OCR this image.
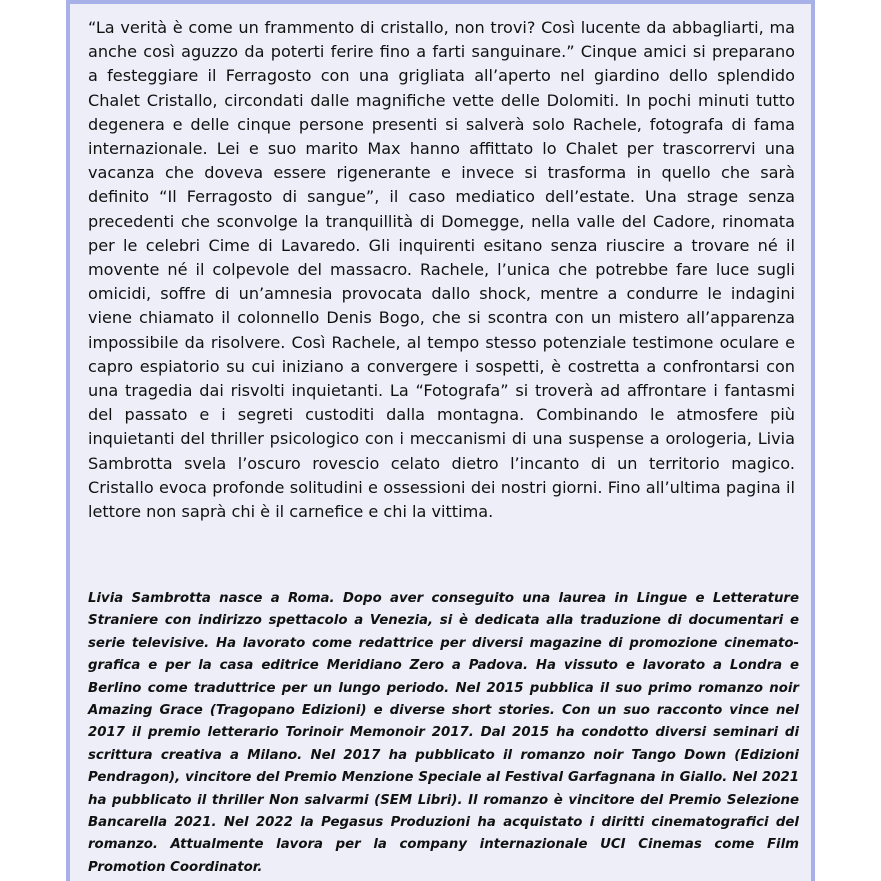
“La verità è come un frammento di cristallo, non trovi? Così lucente da abbagliarti, ma anche così aguzzo da poterti ferire fino a farti sanguinare.” Cinque amici si preparano a festeggiare il Ferragosto con una grigliata all’aperto nel giardino dello splendido Chalet Cristallo, circondati dalle magnifiche vette delle Dolomiti. In pochi minuti tutto degenera e delle cinque persone presenti si salverà solo Rachele, fotografa di fama internazionale. Lei e suo marito Max hanno affittato lo Chalet per trascorrervi una vacanza che doveva essere rigenerante e invece si trasforma in quello che sarà definito “Il Ferragosto di sangue”, il caso mediatico dell’estate. Una strage senza precedenti che sconvolge la tranquillità di Domegge, nella valle del Cadore, rinomata per le celebri Cime di Lavaredo. Gli inquirenti esitano senza riuscire a trovare né il movente né il colpevole del massacro. Rachele, l’unica che potrebbe fare luce sugli omicidi, soffre di un’amnesia provocata dallo shock, mentre a condurre le indagini viene chiamato il colonnello Denis Bogo, che si scontra con un mistero all’apparenza impossibile da risolvere. Così Rachele, al tempo stesso potenziale testimone oculare e capro espiatorio su cui iniziano a convergere i sospetti, è costretta a confrontarsi con una tragedia dai risvolti inquietanti. La “Fotografa” si troverà ad affrontare i fantasmi del passato e i segreti custoditi dalla montagna. Combinando le atmosfere più inquietanti del thriller psicologico con i meccanismi di una suspense a orologeria, Livia Sambrotta svela l’oscuro rovescio celato dietro l’incanto di un territorio magico. Cristallo evoca profonde solitudini e ossessioni dei nostri giorni. Fino all’ultima pagina il lettore non saprà chi è il carnefice e chi la vittima.

Livia Sambrotta nasce a Roma. Dopo aver conseguito una laurea in Lingue e Letterature Straniere con indirizzo spettacolo a Venezia, si è dedicata alla traduzione di documentari e serie televisive. Ha lavorato come redattrice per diversi magazine di promozione cinematografica e per la casa editrice Meridiano Zero a Padova. Ha vissuto e lavorato a Londra e Berlino come traduttrice per un lungo periodo. Nel 2015 pubblica il suo primo romanzo noir Amazing Grace (Tragopano Edizioni) e diverse short stories. Con un suo racconto vince nel 2017 il premio letterario Torinoir Memonoir 2017. Dal 2015 ha condotto diversi seminari di scrittura creativa a Milano. Nel 2017 ha pubblicato il romanzo noir Tango Down (Edizioni Pendragon), vincitore del Premio Menzione Speciale al Festival Garfagnana in Giallo. Nel 2021 ha pubblicato il thriller Non salvarmi (SEM Libri). Il romanzo è vincitore del Premio Selezione Bancarella 2021. Nel 2022 la Pegasus Produzioni ha acquistato i diritti cinematografici del romanzo. Attualmente lavora per la company internazionale UCI Cinemas come Film Promotion Coordinator.
